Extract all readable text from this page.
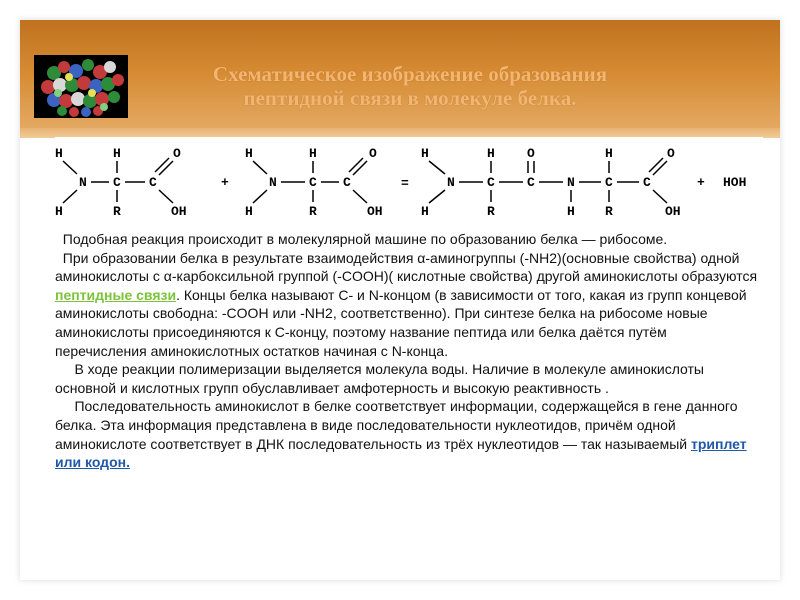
Схематическое изображение образования
пептидной связи в молекуле белка.
H
H
N
H
C
R
C
O
OH
+
H
H
N
H
C
R
C
O
OH
=
H
H
N
H
C
R
O
C N
H
H
C
R
C
O
OH
+ HOH

Подобная реакция происходит в молекулярной машине по образованию белка — рибосоме.

При образовании белка в результате взаимодействия α-аминогруппы (-NH2)(основные свойства) одной аминокислоты с α-карбоксильной группой (-COOH)( кислотные свойства) другой аминокислоты образуются пептидные связи. Концы белка называют С- и N-концом (в зависимости от того, какая из групп концевой аминокислоты свободна: -COOH или -NH2, соответственно). При синтезе белка на рибосоме новые аминокислоты присоединяются к С-концу, поэтому название пептида или белка даётся путём перечисления аминокислотных остатков начиная с N-конца.

В ходе реакции полимеризации выделяется молекула воды. Наличие в молекуле аминокислоты основной и кислотных групп обуславливает амфотерность и высокую реактивность .

Последовательность аминокислот в белке соответствует информации, содержащейся в гене данного белка. Эта информация представлена в виде последовательности нуклеотидов, причём одной аминокислоте соответствует в ДНК последовательность из трёх нуклеотидов — так называемый триплет или кодон.
